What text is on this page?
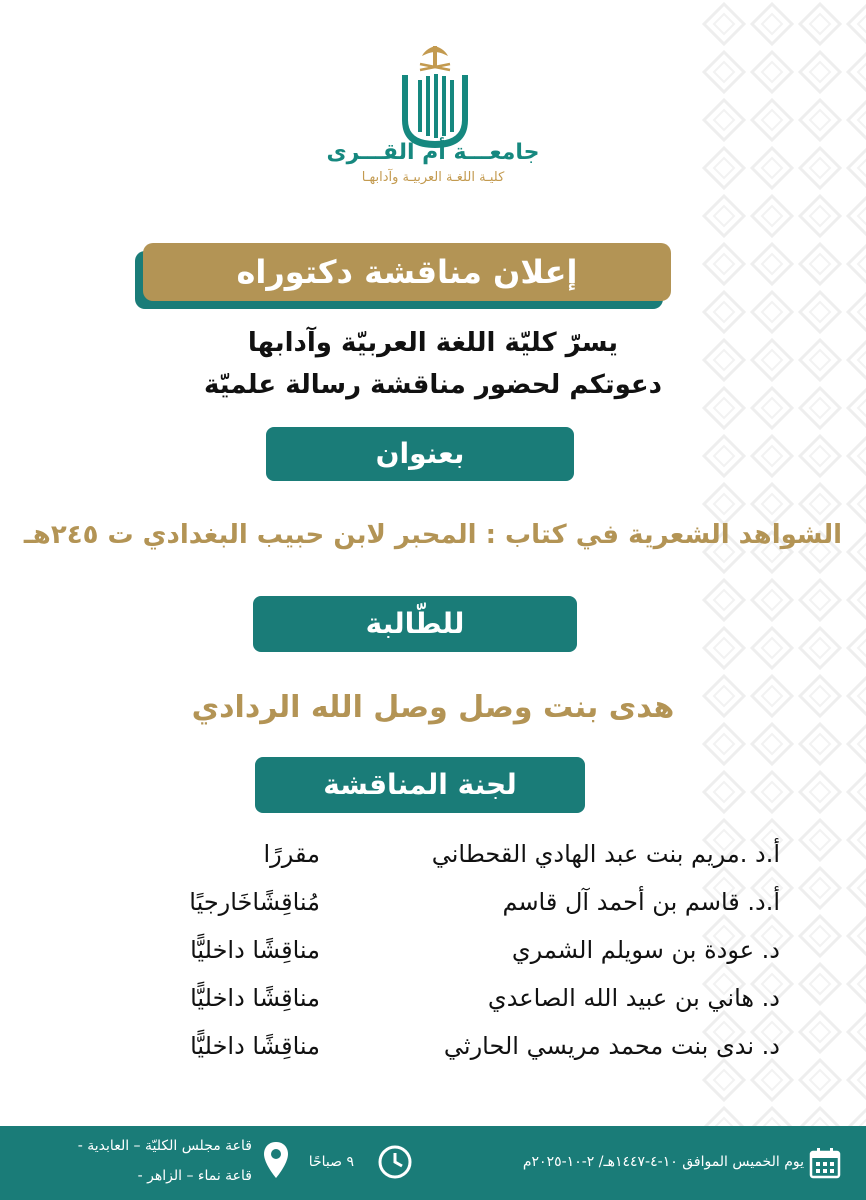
جامعـــة أم القـــرى
كليـة اللغـة العربيـة وآدابهـا
إعلان مناقشة دكتوراه
يسرّ كليّة اللغة العربيّة وآدابها
دعوتكم لحضور مناقشة رسالة علميّة
بعنوان
الشواهد الشعرية في كتاب : المحبر لابن حبيب البغدادي ت ٢٤٥هـ
للطّالبة
هدى بنت وصل وصل الله الردادي
لجنة المناقشة
أ.د .مريم بنت عبد الهادي القحطاني
مقررًا
أ.د. قاسم بن أحمد آل قاسم
مُناقِشًاخَارجيًا
د. عودة بن سويلم الشمري
مناقِشًا داخليًّا
د. هاني بن عبيد الله الصاعدي
مناقِشًا داخليًّا
د. ندى بنت محمد مريسي الحارثي
مناقِشًا داخليًّا
يوم الخميس الموافق ١٠-٤-١٤٤٧هـ/ ٢-١٠-٢٠٢٥م
٩ صباحًا
قاعة مجلس الكليّة – العابدية -
قاعة نماء – الزاهر -
